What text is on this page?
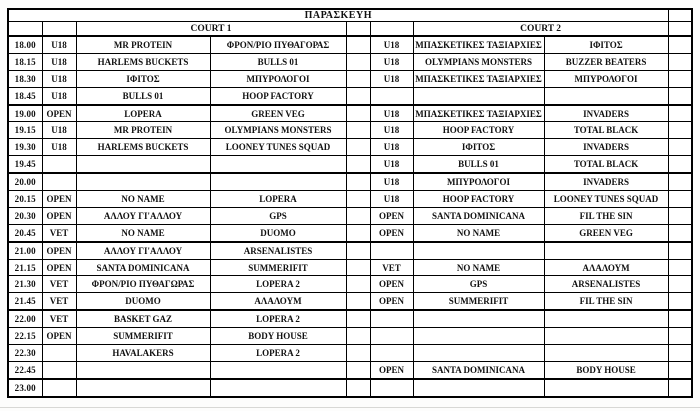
ΠΑΡΑΣΚΕΥΗ								
		COURT 1				COURT 2		
18.00	U18	MR PROTEIN	ΦΡΟΝ/ΡΙΟ ΠΥΘΑΓΟΡΑΣ		U18	ΜΠΑΣΚΕΤΙΚΕΣ ΤΑΞΙΑΡΧΙΕΣ	ΙΦΙΤΟΣ	
18.15	U18	HARLEMS BUCKETS	BULLS 01		U18	OLYMPIANS MONSTERS	BUZZER BEATERS	
18.30	U18	ΙΦΙΤΟΣ	ΜΠΥΡΟΛΟΓΟΙ		U18	ΜΠΑΣΚΕΤΙΚΕΣ ΤΑΞΙΑΡΧΙΕΣ	ΜΠΥΡΟΛΟΓΟΙ	
18.45	U18	BULLS 01	HOOP FACTORY					
19.00	OPEN	LOPERA	GREEN VEG		U18	ΜΠΑΣΚΕΤΙΚΕΣ ΤΑΞΙΑΡΧΙΕΣ	INVADERS	
19.15	U18	MR PROTEIN	OLYMPIANS MONSTERS		U18	HOOP FACTORY	TOTAL BLACK	
19.30	U18	HARLEMS BUCKETS	LOONEY TUNES SQUAD		U18	ΙΦΙΤΟΣ	INVADERS	
19.45					U18	BULLS 01	TOTAL BLACK	
20.00					U18	ΜΠΥΡΟΛΟΓΟΙ	INVADERS	
20.15	OPEN	NO NAME	LOPERA		U18	HOOP FACTORY	LOONEY TUNES SQUAD	
20.30	OPEN	ΑΛΛΟΥ ΓΙ'ΑΛΛΟΥ	GPS		OPEN	SANTA DOMINICANA	FIL THE SIN	
20.45	VET	NO NAME	DUOMO		OPEN	NO NAME	GREEN VEG	
21.00	OPEN	ΑΛΛΟΥ ΓΙ'ΑΛΛΟΥ	ARSENALISTES					
21.15	OPEN	SANTA DOMINICANA	SUMMERIFIT		VET	NO NAME	ΑΛΑΛΟΥΜ	
21.30	VET	ΦΡΟΝ/ΡΙΟ ΠΥΘΑΓΩΡΑΣ	LOPERA 2		OPEN	GPS	ARSENALISTES	
21.45	VET	DUOMO	ΑΛΑΛΟΥΜ		OPEN	SUMMERIFIT	FIL THE SIN	
22.00	VET	BASKET GAZ	LOPERA 2					
22.15	OPEN	SUMMERIFIT	BODY HOUSE					
22.30		HAVALAKERS	LOPERA 2					
22.45					OPEN	SANTA DOMINICANA	BODY HOUSE	
23.00								
